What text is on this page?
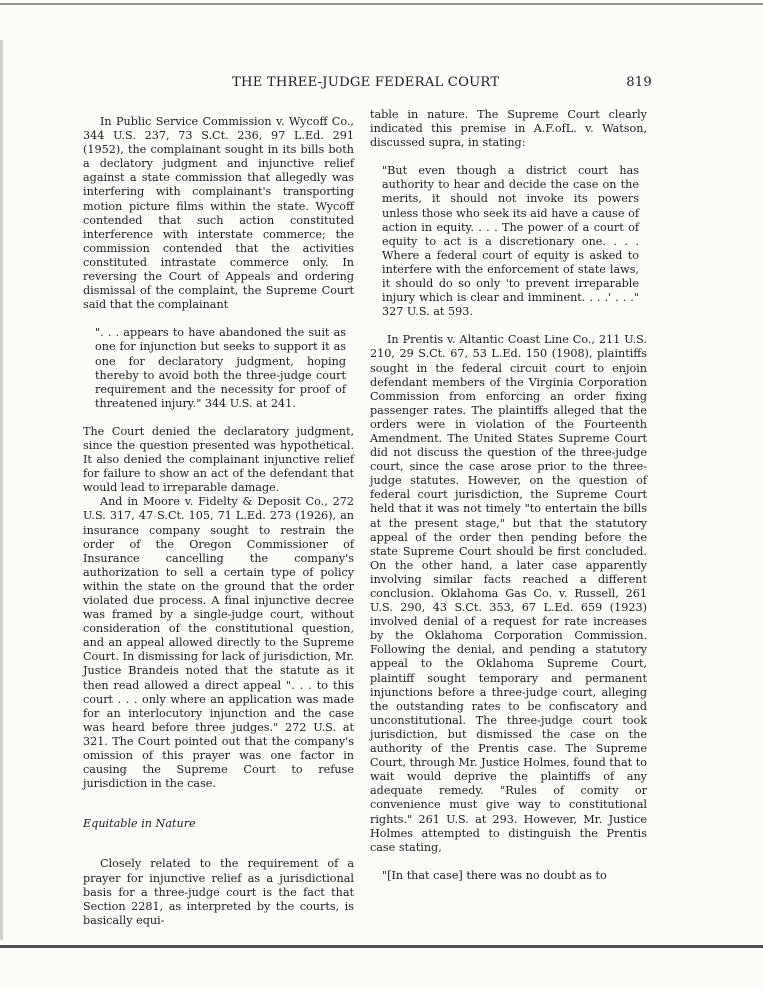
THE THREE-JUDGE FEDERAL COURT	819

In Public Service Commission v. Wycoff Co., 344 U.S. 237, 73 S.Ct. 236, 97 L.Ed. 291 (1952), the complainant sought in its bills both a declatory judgment and injunctive relief against a state commission that allegedly was interfering with complainant's transporting motion picture films within the state. Wycoff contended that such action constituted interference with interstate commerce; the commission contended that the activities constituted intrastate commerce only. In reversing the Court of Appeals and ordering dismissal of the complaint, the Supreme Court said that the complainant

". . . appears to have abandoned the suit as one for injunction but seeks to support it as one for declaratory judgment, hoping thereby to avoid both the three-judge court requirement and the necessity for proof of threatened injury." 344 U.S. at 241.

The Court denied the declaratory judgment, since the question presented was hypothetical. It also denied the complainant injunctive relief for failure to show an act of the defendant that would lead to irreparable damage.

And in Moore v. Fidelty & Deposit Co., 272 U.S. 317, 47 S.Ct. 105, 71 L.Ed. 273 (1926), an insurance company sought to restrain the order of the Oregon Commissioner of Insurance cancelling the company's authorization to sell a certain type of policy within the state on the ground that the order violated due process. A final injunctive decree was framed by a single-judge court, without consideration of the constitutional question, and an appeal allowed directly to the Supreme Court. In dismissing for lack of jurisdiction, Mr. Justice Brandeis noted that the statute as it then read allowed a direct appeal ". . . to this court . . . only where an application was made for an interlocutory injunction and the case was heard before three judges." 272 U.S. at 321. The Court pointed out that the company's omission of this prayer was one factor in causing the Supreme Court to refuse jurisdiction in the case.

Equitable in Nature

Closely related to the requirement of a prayer for injunctive relief as a jurisdictional basis for a three-judge court is the fact that Section 2281, as interpreted by the courts, is basically equi-

table in nature. The Supreme Court clearly indicated this premise in A.F.ofL. v. Watson, discussed supra, in stating:

"But even though a district court has authority to hear and decide the case on the merits, it should not invoke its powers unless those who seek its aid have a cause of action in equity. . . . The power of a court of equity to act is a discretionary one. . . . Where a federal court of equity is asked to interfere with the enforcement of state laws, it should do so only 'to prevent irreparable injury which is clear and imminent. . . .' . . ." 327 U.S. at 593.

In Prentis v. Altantic Coast Line Co., 211 U.S. 210, 29 S.Ct. 67, 53 L.Ed. 150 (1908), plaintiffs sought in the federal circuit court to enjoin defendant members of the Virginia Corporation Commission from enforcing an order fixing passenger rates. The plaintiffs alleged that the orders were in violation of the Fourteenth Amendment. The United States Supreme Court did not discuss the question of the three-judge court, since the case arose prior to the three-judge statutes. However, on the question of federal court jurisdiction, the Supreme Court held that it was not timely "to entertain the bills at the present stage," but that the statutory appeal of the order then pending before the state Supreme Court should be first concluded. On the other hand, a later case apparently involving similar facts reached a different conclusion. Oklahoma Gas Co. v. Russell, 261 U.S. 290, 43 S.Ct. 353, 67 L.Ed. 659 (1923) involved denial of a request for rate increases by the Oklahoma Corporation Commission. Following the denial, and pending a statutory appeal to the Oklahoma Supreme Court, plaintiff sought temporary and permanent injunctions before a three-judge court, alleging the outstanding rates to be confiscatory and unconstitutional. The three-judge court took jurisdiction, but dismissed the case on the authority of the Prentis case. The Supreme Court, through Mr. Justice Holmes, found that to wait would deprive the plaintiffs of any adequate remedy. "Rules of comity or convenience must give way to constitutional rights." 261 U.S. at 293. However, Mr. Justice Holmes attempted to distinguish the Prentis case stating,

"[In that case] there was no doubt as to
